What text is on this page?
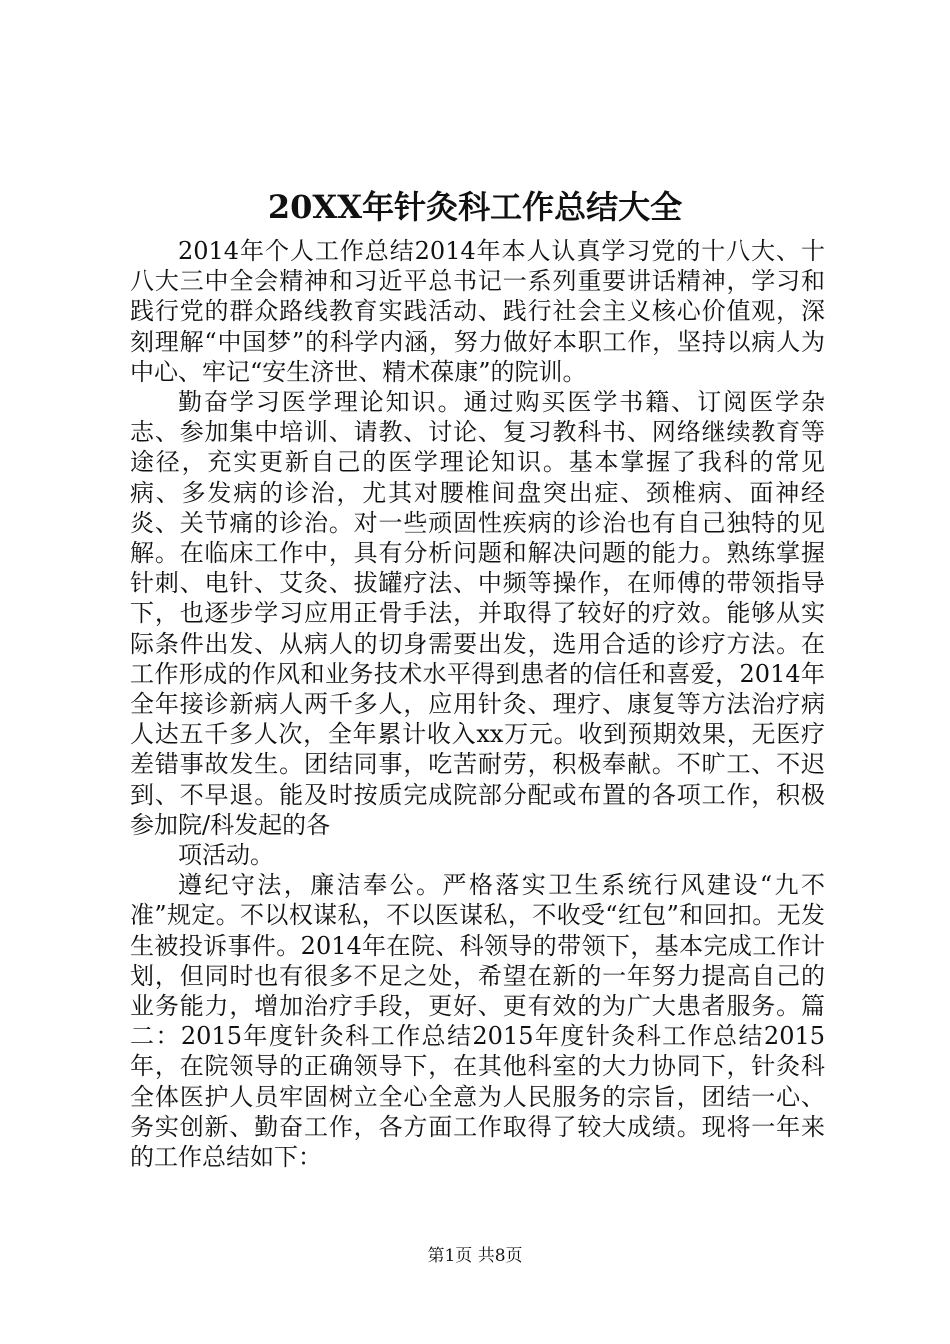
20XX年针灸科工作总结大全

2014年个人工作总结2014年本人认真学习党的十八大、十八大三中全会精神和习近平总书记一系列重要讲话精神，学习和践行党的群众路线教育实践活动、践行社会主义核心价值观，深刻理解“中国梦”的科学内涵，努力做好本职工作，坚持以病人为中心、牢记“安生济世、精术葆康”的院训。

勤奋学习医学理论知识。通过购买医学书籍、订阅医学杂志、参加集中培训、请教、讨论、复习教科书、网络继续教育等途径，充实更新自己的医学理论知识。基本掌握了我科的常见病、多发病的诊治，尤其对腰椎间盘突出症、颈椎病、面神经炎、关节痛的诊治。对一些顽固性疾病的诊治也有自己独特的见解。在临床工作中，具有分析问题和解决问题的能力。熟练掌握针刺、电针、艾灸、拔罐疗法、中频等操作，在师傅的带领指导下，也逐步学习应用正骨手法，并取得了较好的疗效。能够从实际条件出发、从病人的切身需要出发，选用合适的诊疗方法。在工作形成的作风和业务技术水平得到患者的信任和喜爱，2014年全年接诊新病人两千多人，应用针灸、理疗、康复等方法治疗病人达五千多人次，全年累计收入xx万元。收到预期效果，无医疗差错事故发生。团结同事，吃苦耐劳，积极奉献。不旷工、不迟到、不早退。能及时按质完成院部分配或布置的各项工作，积极参加院/科发起的各

项活动。

遵纪守法，廉洁奉公。严格落实卫生系统行风建设“九不准”规定。不以权谋私，不以医谋私，不收受“红包”和回扣。无发生被投诉事件。2014年在院、科领导的带领下，基本完成工作计划，但同时也有很多不足之处，希望在新的一年努力提高自己的业务能力，增加治疗手段，更好、更有效的为广大患者服务。篇二：2015年度针灸科工作总结2015年度针灸科工作总结2015年，在院领导的正确领导下，在其他科室的大力协同下，针灸科全体医护人员牢固树立全心全意为人民服务的宗旨，团结一心、务实创新、勤奋工作，各方面工作取得了较大成绩。现将一年来的工作总结如下：

第1页 共8页
